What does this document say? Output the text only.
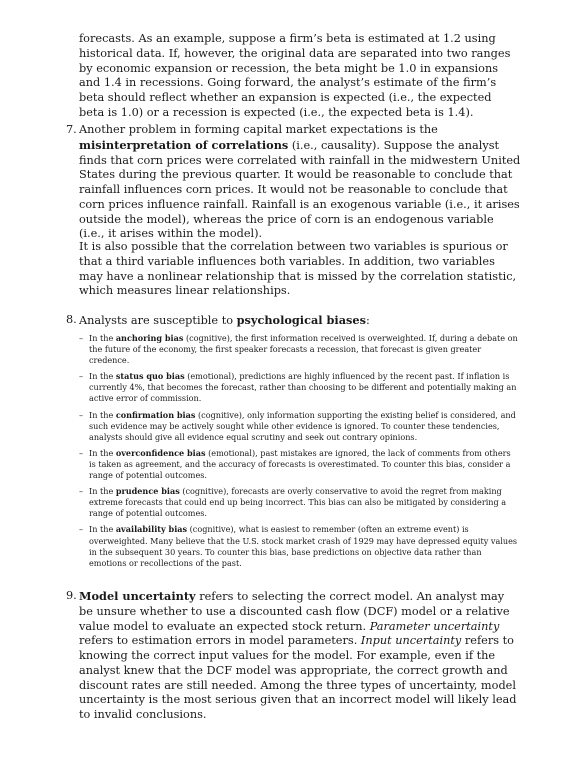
forecasts. As an example, suppose a firm’s beta is estimated at 1.2 using historical data. If, however, the original data are separated into two ranges by economic expansion or recession, the beta might be 1.0 in expansions and 1.4 in recessions. Going forward, the analyst’s estimate of the firm’s beta should reflect whether an expansion is expected (i.e., the expected beta is 1.0) or a recession is expected (i.e., the expected beta is 1.4).

7. Another problem in forming capital market expectations is the misinterpretation of correlations (i.e., causality). Suppose the analyst finds that corn prices were correlated with rainfall in the midwestern United States during the previous quarter. It would be reasonable to conclude that rainfall influences corn prices. It would not be reasonable to conclude that corn prices influence rainfall. Rainfall is an exogenous variable (i.e., it arises outside the model), whereas the price of corn is an endogenous variable (i.e., it arises within the model).

It is also possible that the correlation between two variables is spurious or that a third variable influences both variables. In addition, two variables may have a nonlinear relationship that is missed by the correlation statistic, which measures linear relationships.

8. Analysts are susceptible to psychological biases:

– In the anchoring bias (cognitive), the first information received is overweighted. If, during a debate on the future of the economy, the first speaker forecasts a recession, that forecast is given greater credence.
– In the status quo bias (emotional), predictions are highly influenced by the recent past. If inflation is currently 4%, that becomes the forecast, rather than choosing to be different and potentially making an active error of commission.
– In the confirmation bias (cognitive), only information supporting the existing belief is considered, and such evidence may be actively sought while other evidence is ignored. To counter these tendencies, analysts should give all evidence equal scrutiny and seek out contrary opinions.
– In the overconfidence bias (emotional), past mistakes are ignored, the lack of comments from others is taken as agreement, and the accuracy of forecasts is overestimated. To counter this bias, consider a range of potential outcomes.
– In the prudence bias (cognitive), forecasts are overly conservative to avoid the regret from making extreme forecasts that could end up being incorrect. This bias can also be mitigated by considering a range of potential outcomes.
– In the availability bias (cognitive), what is easiest to remember (often an extreme event) is overweighted. Many believe that the U.S. stock market crash of 1929 may have depressed equity values in the subsequent 30 years. To counter this bias, base predictions on objective data rather than emotions or recollections of the past.
9. Model uncertainty refers to selecting the correct model. An analyst may be unsure whether to use a discounted cash flow (DCF) model or a relative value model to evaluate an expected stock return. Parameter uncertainty refers to estimation errors in model parameters. Input uncertainty refers to knowing the correct input values for the model. For example, even if the analyst knew that the DCF model was appropriate, the correct growth and discount rates are still needed. Among the three types of uncertainty, model uncertainty is the most serious given that an incorrect model will likely lead to invalid conclusions.
